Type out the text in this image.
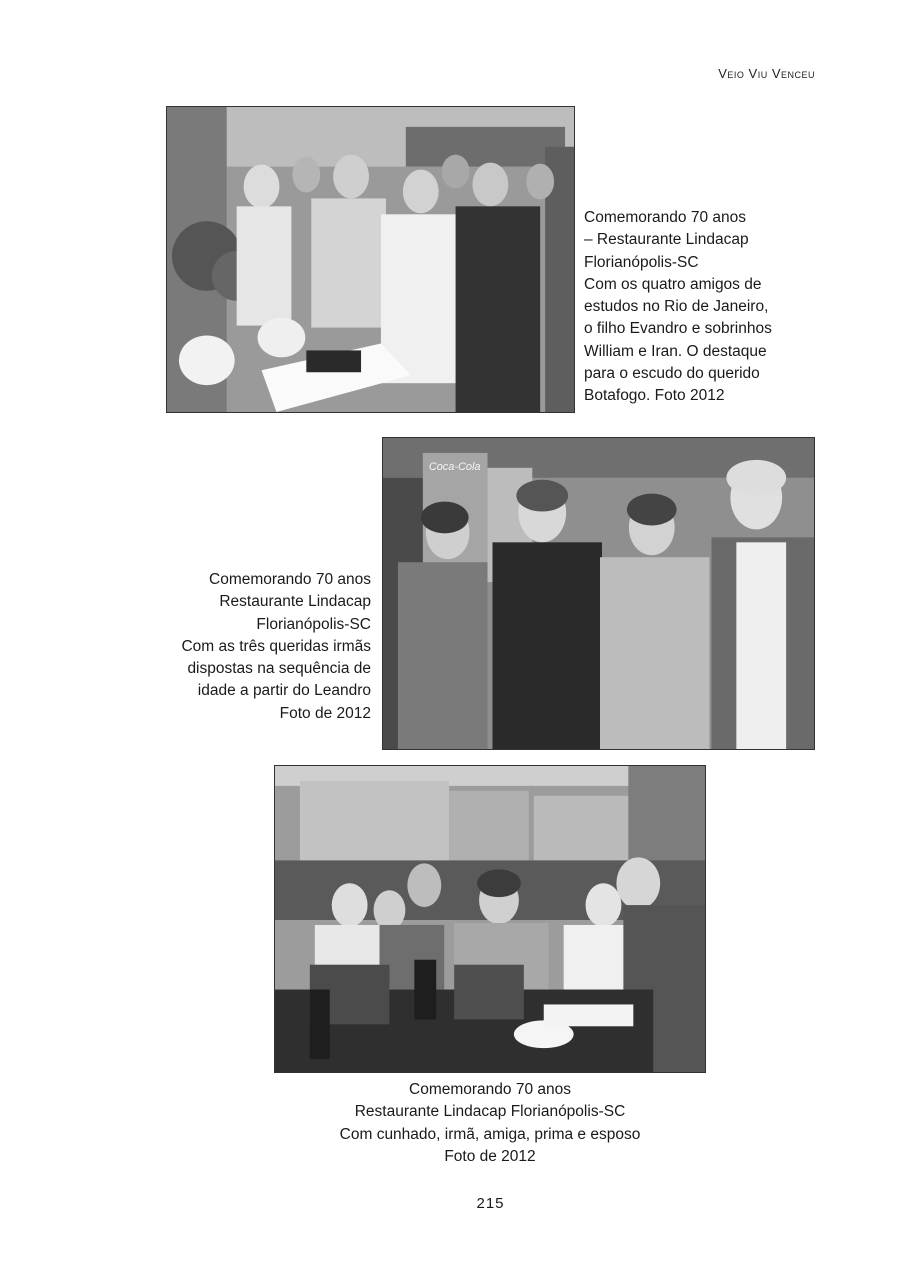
Veio Viu Venceu
Comemorando 70 anos
– Restaurante Lindacap
Florianópolis-SC
Com os quatro amigos de
estudos no Rio de Janeiro,
o filho Evandro e sobrinhos
William e Iran. O destaque
para o escudo do querido
Botafogo. Foto 2012
Coca-Cola
Comemorando 70 anos
Restaurante Lindacap
Florianópolis-SC
Com as três queridas irmãs
dispostas na sequência de
idade a partir do Leandro
Foto de 2012
Comemorando 70 anos
Restaurante Lindacap Florianópolis-SC
Com cunhado, irmã, amiga, prima e esposo
Foto de 2012
215
